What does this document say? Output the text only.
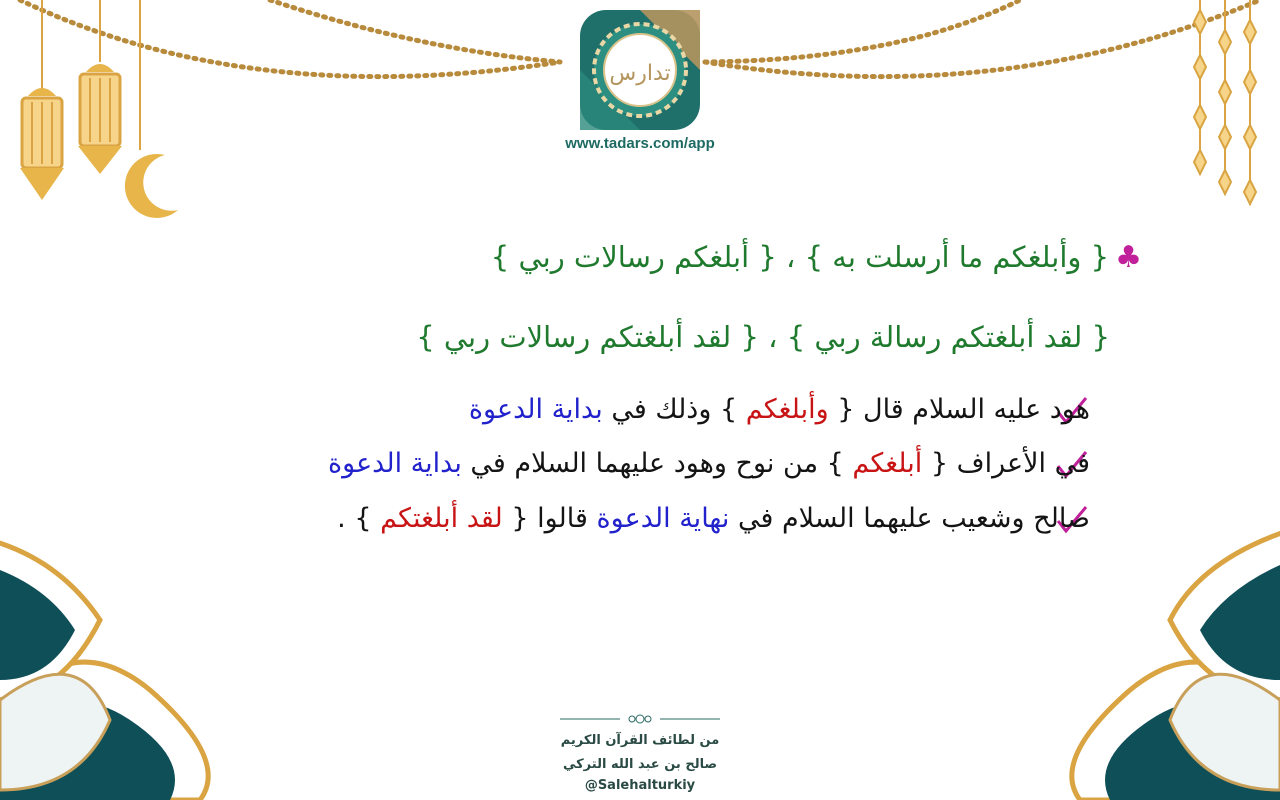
تدارس
www.tadars.com/app
♣{ وأبلغكم ما أرسلت به } ، { أبلغكم رسالات ربي }
{ لقد أبلغتكم رسالة ربي } ، { لقد أبلغتكم رسالات ربي }
هود عليه السلام قال { وأبلغكم } وذلك في بداية الدعوة
في الأعراف { أبلغكم } من نوح وهود عليهما السلام في بداية الدعوة
صالح وشعيب عليهما السلام في نهاية الدعوة قالوا { لقد أبلغتكم } .
من لطائف القرآن الكريم
صالح بن عبد الله التركي
@Salehalturkiy
